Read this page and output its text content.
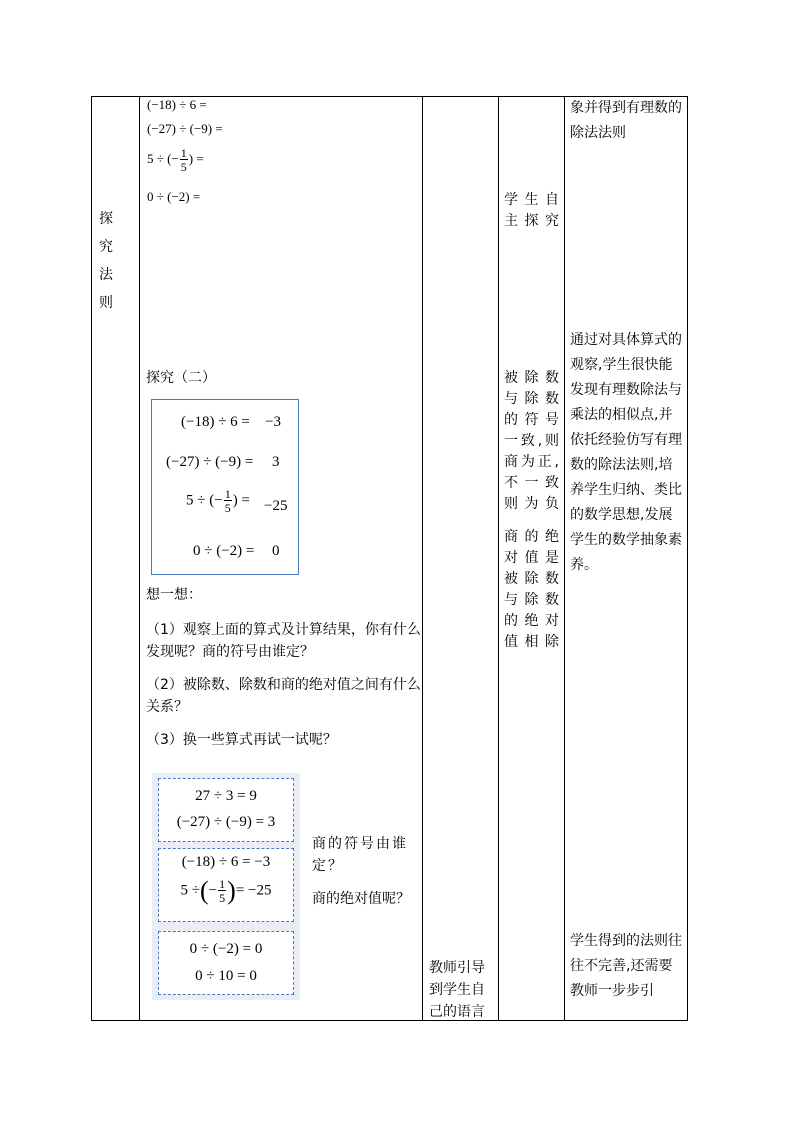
探究法则
(−18) ÷ 6 =
(−27) ÷ (−9) =
5 ÷ (− $\frac{1}{5}$ ) =
0 ÷ (−2) =
探究（二）
(−18) ÷ 6 = −3
(−27) ÷ (−9) = 3
5 ÷ (− $\frac{1}{5}$ ) = −25
0 ÷ (−2) = 0
想一想：
（1）观察上面的算式及计算结果，你有什么
发现呢？商的符号由谁定？
（2）被除数、除数和商的绝对值之间有什么
关系？
（3）换一些算式再试一试呢？
27 ÷ 3 = 9
(−27) ÷ (−9) = 3
(−18) ÷ 6 = −3
5 ÷(− $\frac{1}{5}$ )= −25
0 ÷ (−2) = 0
0 ÷ 10 = 0
商的符号由谁
定？
商的绝对值呢？
教师引导到学生自己的语言

学生自主探究

被除数与除数的符号一致,则商为正,不一致则为负

商的绝对值是被除数与除数的绝对值相除

象并得到有理数的除法法则

通过对具体算式的观察,学生很快能发现有理数除法与乘法的相似点,并依托经验仿写有理数的除法法则,培养学生归纳、类比的数学思想,发展学生的数学抽象素养。

学生得到的法则往往不完善,还需要教师一步步引
